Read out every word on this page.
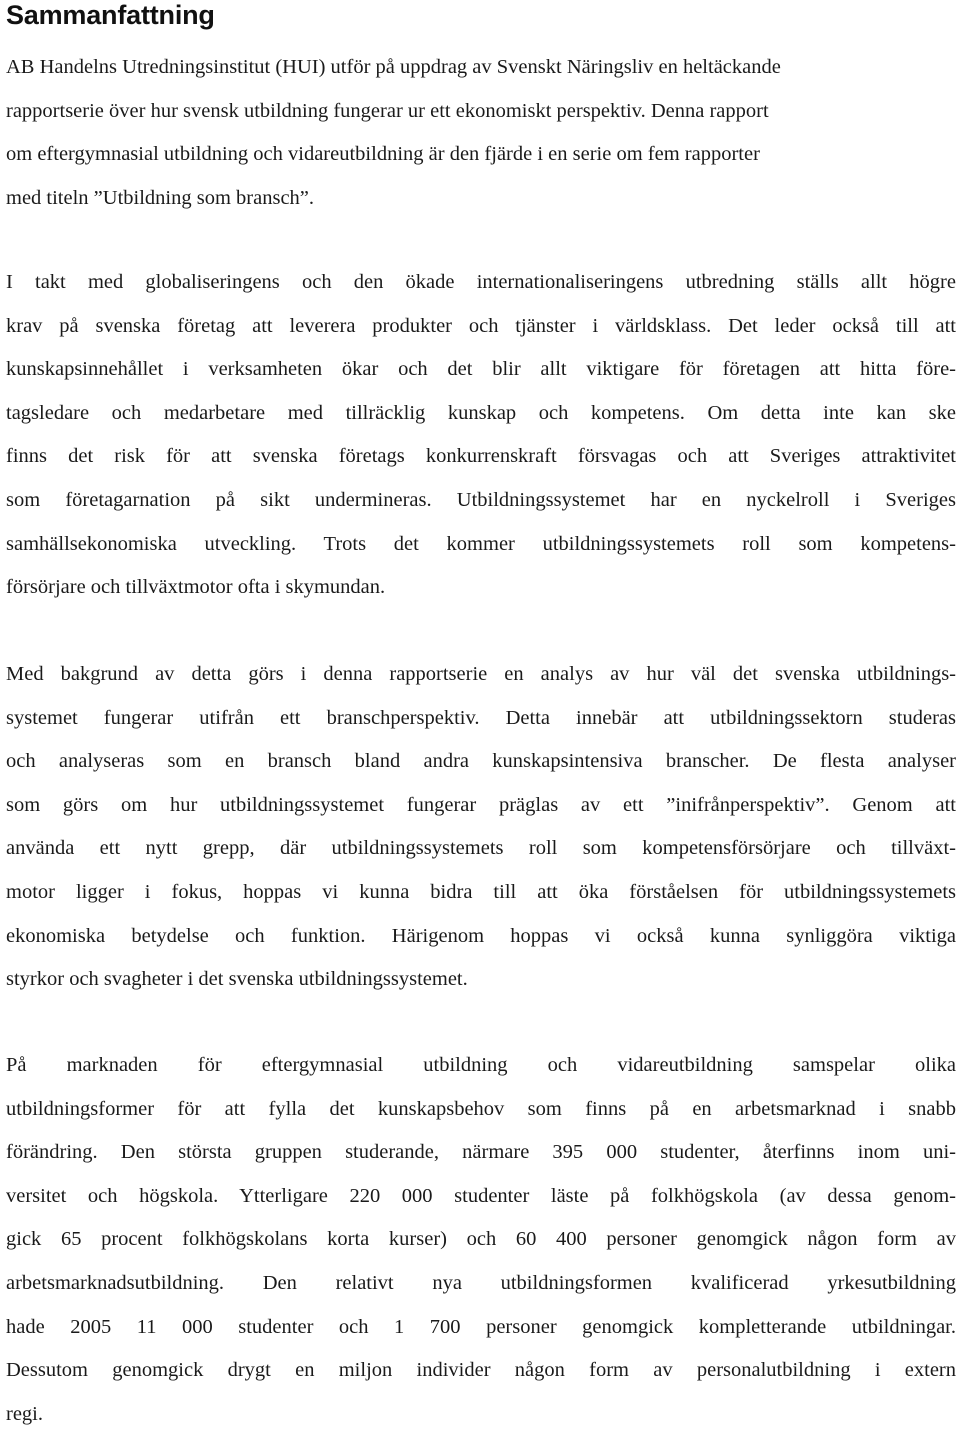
Sammanfattning

AB Handelns Utredningsinstitut (HUI) utför på uppdrag av Svenskt Näringsliv en heltäckande
rapportserie över hur svensk utbildning fungerar ur ett ekonomiskt perspektiv. Denna rapport
om eftergymnasial utbildning och vidareutbildning är den fjärde i en serie om fem rapporter
med titeln ”Utbildning som bransch”.

I takt med globaliseringens och den ökade internationaliseringens utbredning ställs allt högre
krav på svenska företag att leverera produkter och tjänster i världsklass. Det leder också till att
kunskapsinnehållet i verksamheten ökar och det blir allt viktigare för företagen att hitta före-
tagsledare och medarbetare med tillräcklig kunskap och kompetens. Om detta inte kan ske
finns det risk för att svenska företags konkurrenskraft försvagas och att Sveriges attraktivitet
som företagarnation på sikt undermineras. Utbildningssystemet har en nyckelroll i Sveriges
samhällsekonomiska utveckling. Trots det kommer utbildningssystemets roll som kompetens-
försörjare och tillväxtmotor ofta i skymundan.

Med bakgrund av detta görs i denna rapportserie en analys av hur väl det svenska utbildnings-
systemet fungerar utifrån ett branschperspektiv. Detta innebär att utbildningssektorn studeras
och analyseras som en bransch bland andra kunskapsintensiva branscher. De flesta analyser
som görs om hur utbildningssystemet fungerar präglas av ett ”inifrånperspektiv”. Genom att
använda ett nytt grepp, där utbildningssystemets roll som kompetensförsörjare och tillväxt-
motor ligger i fokus, hoppas vi kunna bidra till att öka förståelsen för utbildningssystemets
ekonomiska betydelse och funktion. Härigenom hoppas vi också kunna synliggöra viktiga
styrkor och svagheter i det svenska utbildningssystemet.

På marknaden för eftergymnasial utbildning och vidareutbildning samspelar olika
utbildningsformer för att fylla det kunskapsbehov som finns på en arbetsmarknad i snabb
förändring. Den största gruppen studerande, närmare 395 000 studenter, återfinns inom uni-
versitet och högskola. Ytterligare 220 000 studenter läste på folkhögskola (av dessa genom-
gick 65 procent folkhögskolans korta kurser) och 60 400 personer genomgick någon form av
arbetsmarknadsutbildning. Den relativt nya utbildningsformen kvalificerad yrkesutbildning
hade 2005 11 000 studenter och 1 700 personer genomgick kompletterande utbildningar.
Dessutom genomgick drygt en miljon individer någon form av personalutbildning i extern
regi.
